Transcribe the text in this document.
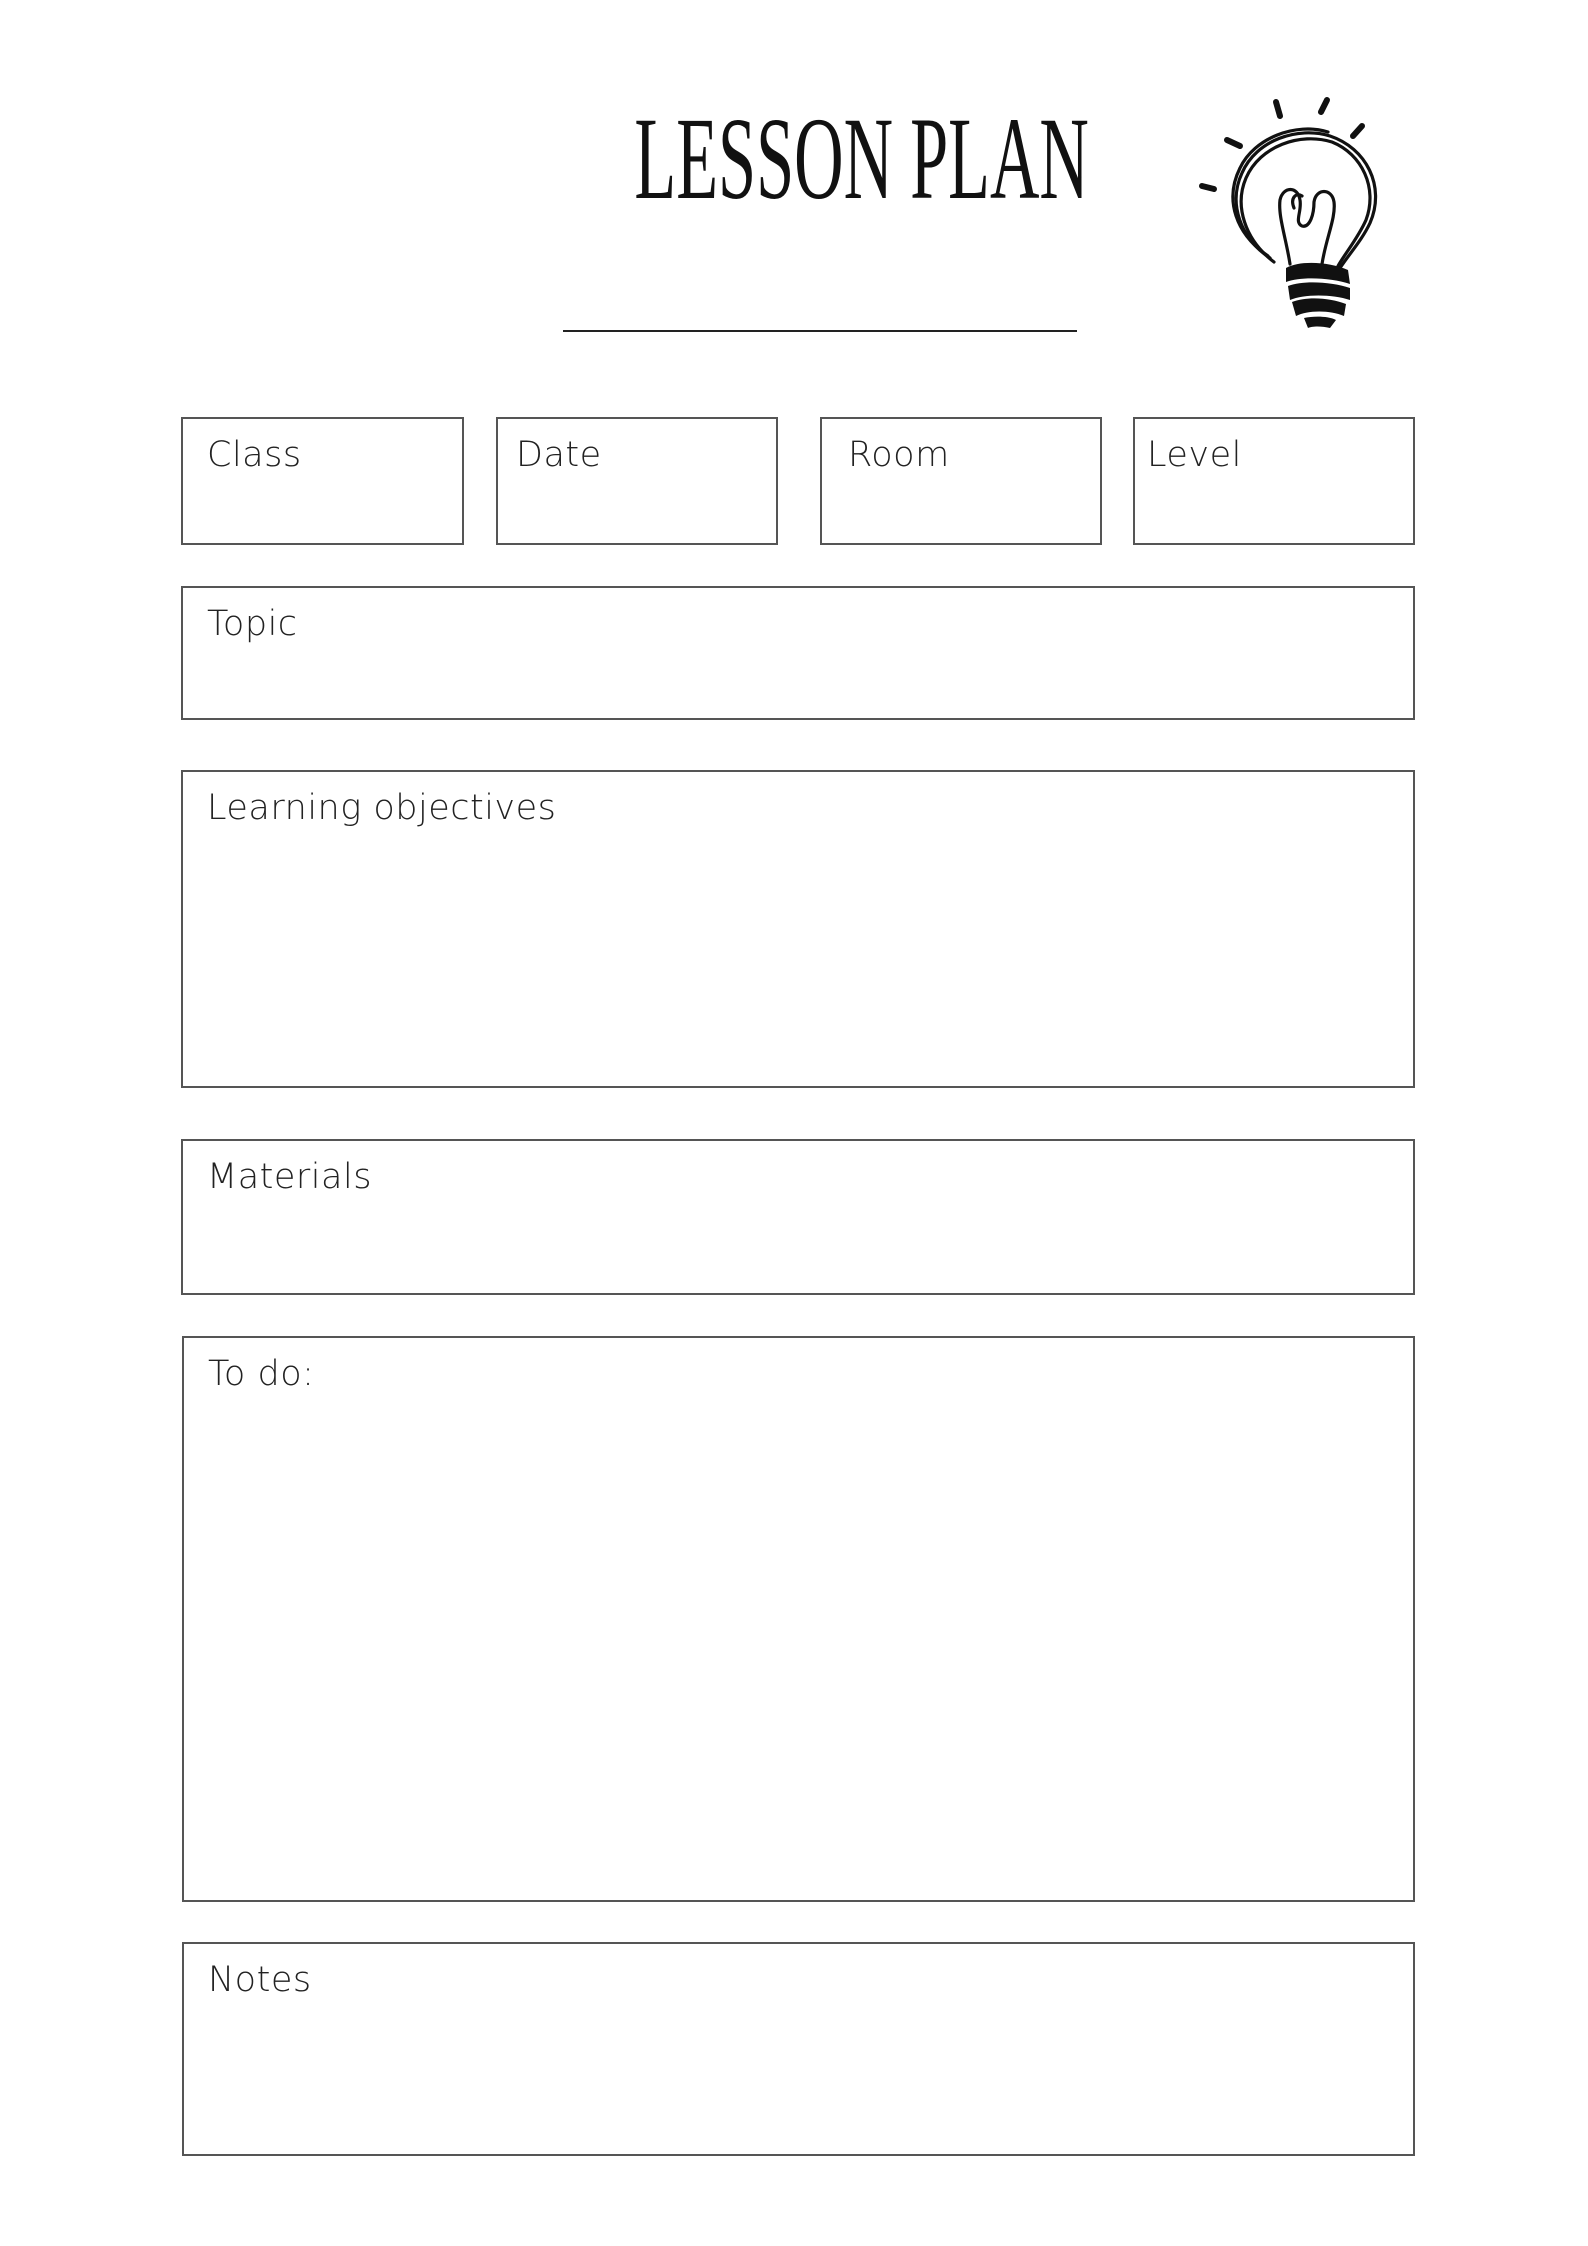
LESSON PLAN
Class	Date	Room	Level
Topic
Learning objectives
Materials
To do:
Notes
